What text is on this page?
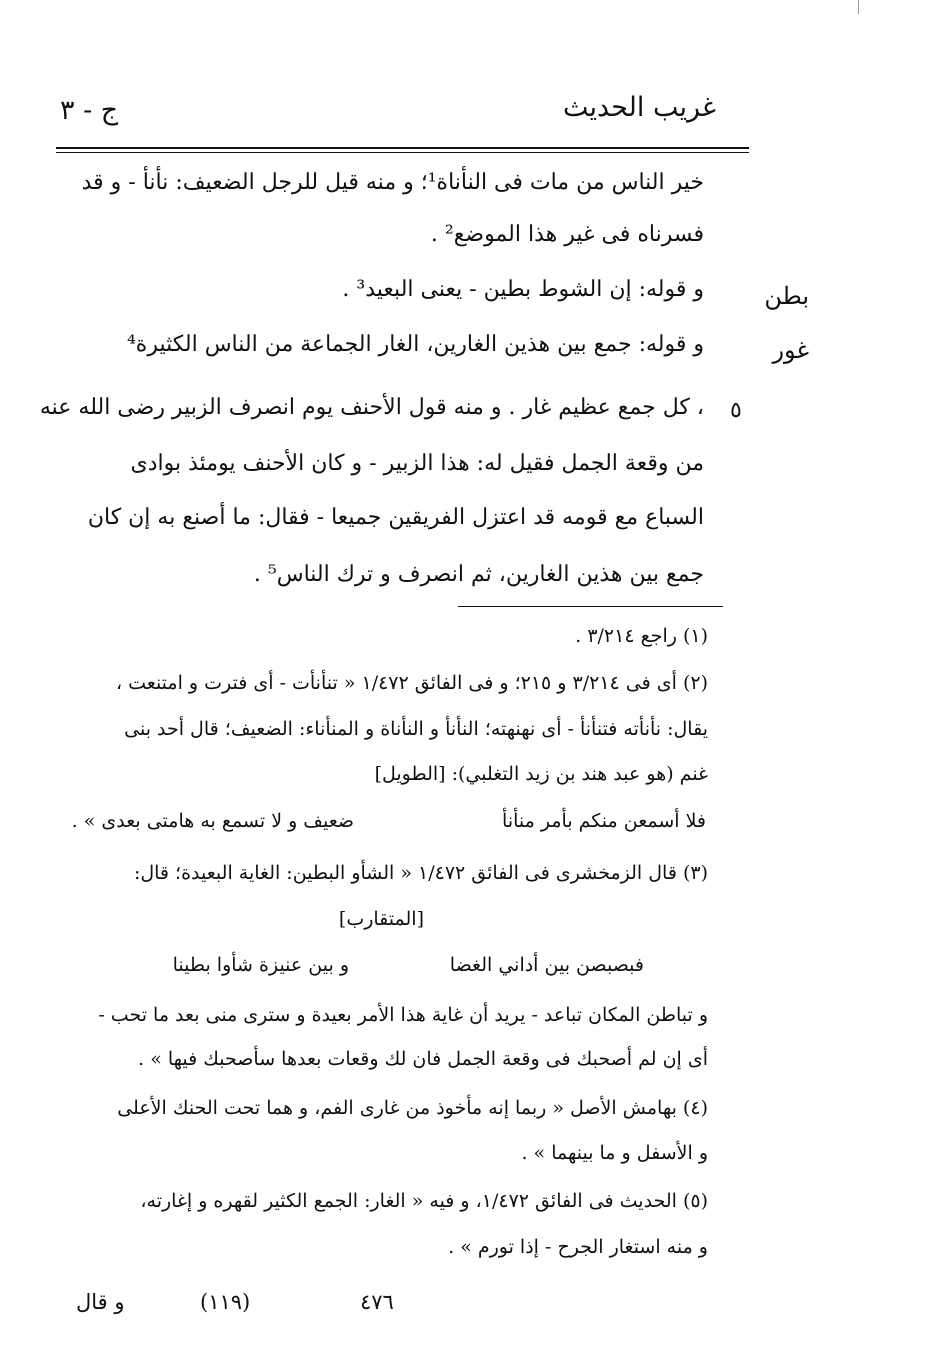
غريب الحديث
ج - ٣
خير الناس من مات فى النأناة¹؛ و منه قيل للرجل الضعيف: نأنأ - و قد
فسرناه فى غير هذا الموضع² .
و قوله: إن الشوط بطين - يعنى البعيد³ .
و قوله: جمع بين هذين الغارين، الغار الجماعة من الناس الكثيرة⁴
، كل جمع عظيم غار . و منه قول الأحنف يوم انصرف الزبير رضى الله عنه
من وقعة الجمل فقيل له: هذا الزبير - و كان الأحنف يومئذ بوادى
السباع مع قومه قد اعتزل الفريقين جميعا - فقال: ما أصنع به إن كان
جمع بين هذين الغارين، ثم انصرف و ترك الناس⁵ .
بطن
غور
٥
(١) راجع ٣/٢١٤ .
(٢) أى فى ٣/٢١٤ و ٢١٥؛ و فى الفائق ١/٤٧٢ « تنأنأت - أى فترت و امتنعت ،
يقال: نأنأته فتنأنأ - أى نهنهته؛ النأنأ و النأناة و المنأناء: الضعيف؛ قال أحد بنى
غنم (هو عبد هند بن زيد التغلبي): [الطويل]
فلا أسمعن منكم بأمر منأنأ
ضعيف و لا تسمع به هامتى بعدى » .
(٣) قال الزمخشرى فى الفائق ١/٤٧٢ « الشأو البطين: الغاية البعيدة؛ قال:
[المتقارب]
فبصبصن بين أداني الغضا
و بين عنيزة شأوا بطينا
و تباطن المكان تباعد - يريد أن غاية هذا الأمر بعيدة و سترى منى بعد ما تحب -
أى إن لم أصحبك فى وقعة الجمل فان لك وقعات بعدها سأصحبك فيها » .
(٤) بهامش الأصل « ربما إنه مأخوذ من غارى الفم، و هما تحت الحنك الأعلى
و الأسفل و ما بينهما » .
(٥) الحديث فى الفائق ١/٤٧٢، و فيه « الغار: الجمع الكثير لقهره و إغارته،
و منه استغار الجرح - إذا تورم » .
٤٧٦
(١١٩)
و قال
